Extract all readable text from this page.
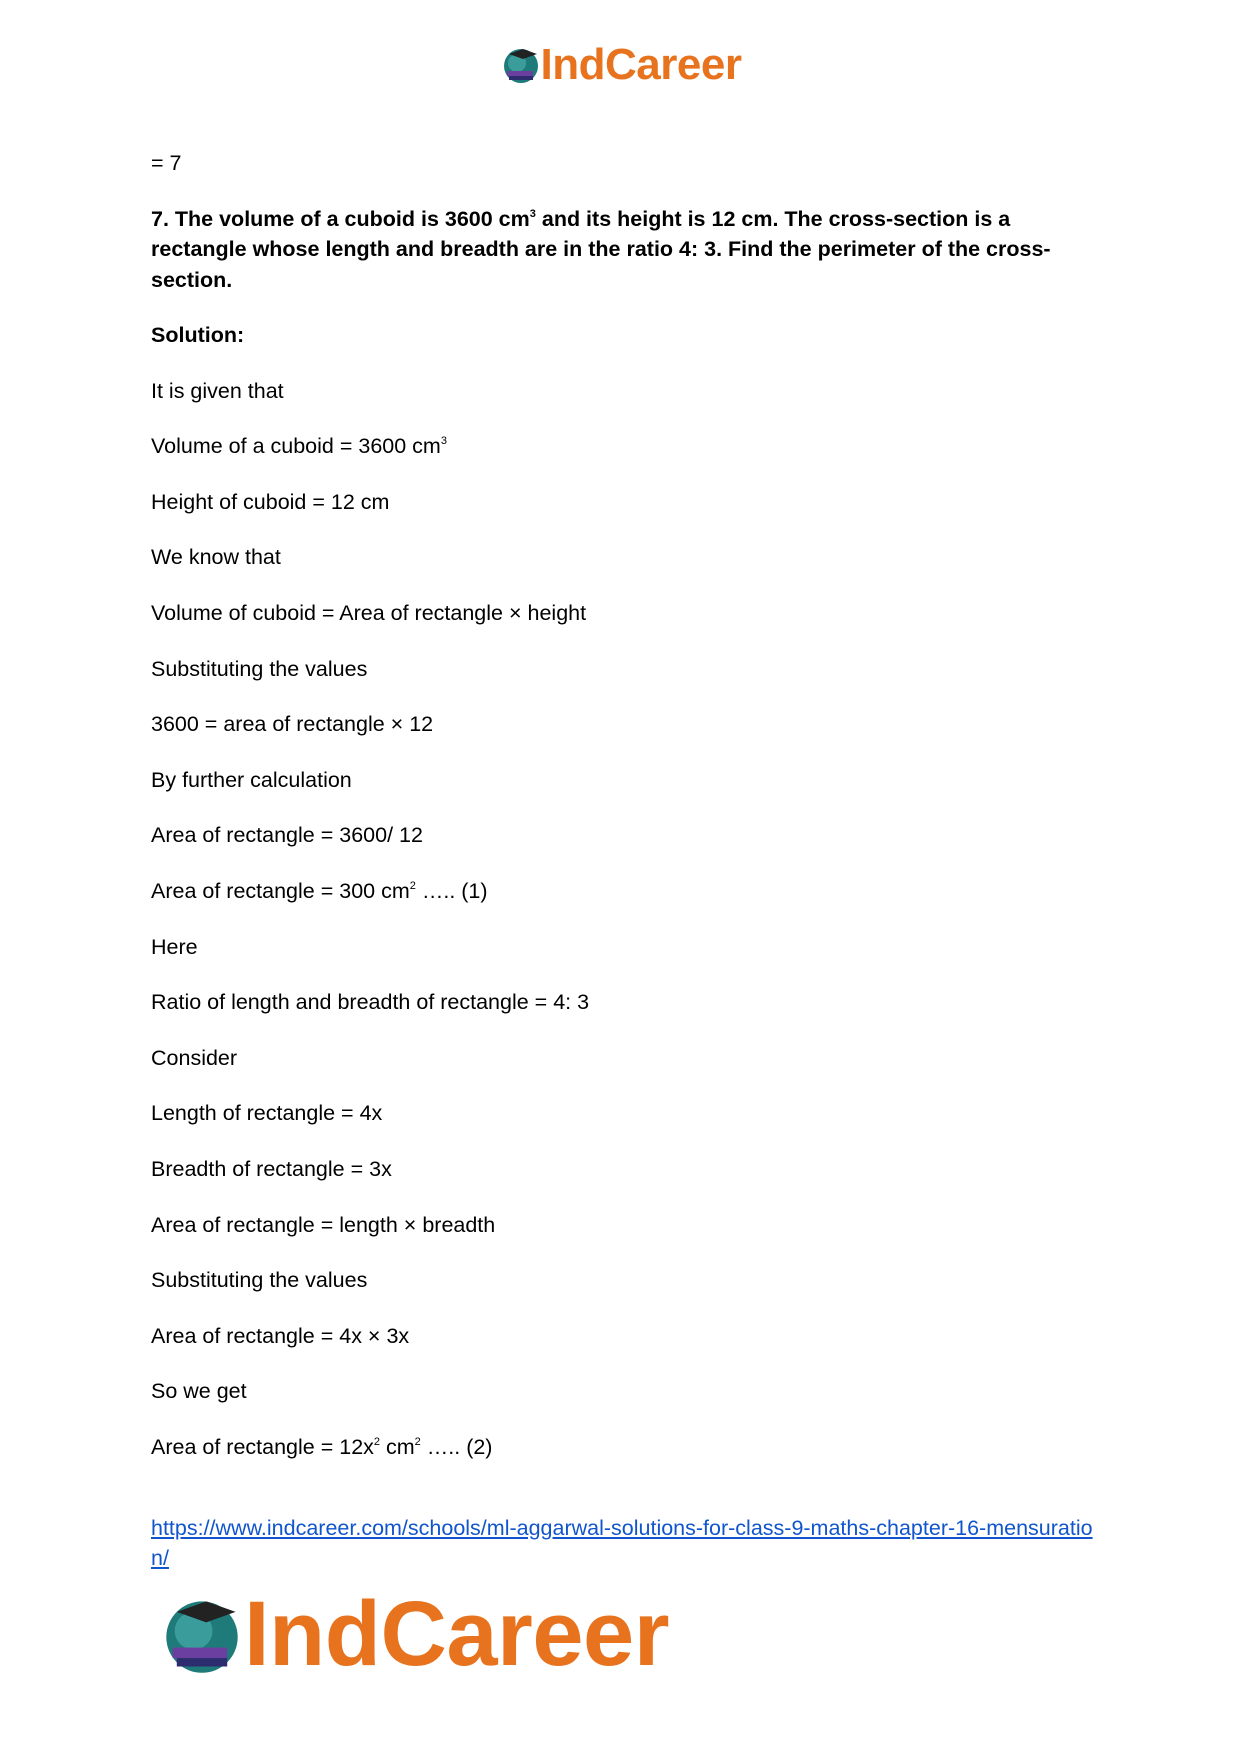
IndCareer

= 7

7. The volume of a cuboid is 3600 $cm^3$ and its height is 12 cm. The cross-section is a rectangle whose length and breadth are in the ratio 4: 3. Find the perimeter of the cross-section.

Solution:

It is given that

Volume of a cuboid = 3600 $cm^3$

Height of cuboid = 12 cm

We know that

Volume of cuboid = Area of rectangle × height

Substituting the values

3600 = area of rectangle × 12

By further calculation

Area of rectangle = 3600/ 12

Area of rectangle = 300 $cm^2$ ….. (1)

Here

Ratio of length and breadth of rectangle = 4: 3

Consider

Length of rectangle = 4x

Breadth of rectangle = 3x

Area of rectangle = length × breadth

Substituting the values

Area of rectangle = 4x × 3x

So we get

Area of rectangle = $12x^2$ $cm^2$ ….. (2)

https://www.indcareer.com/schools/ml-aggarwal-solutions-for-class-9-maths-chapter-16-mensuration/
IndCareer
